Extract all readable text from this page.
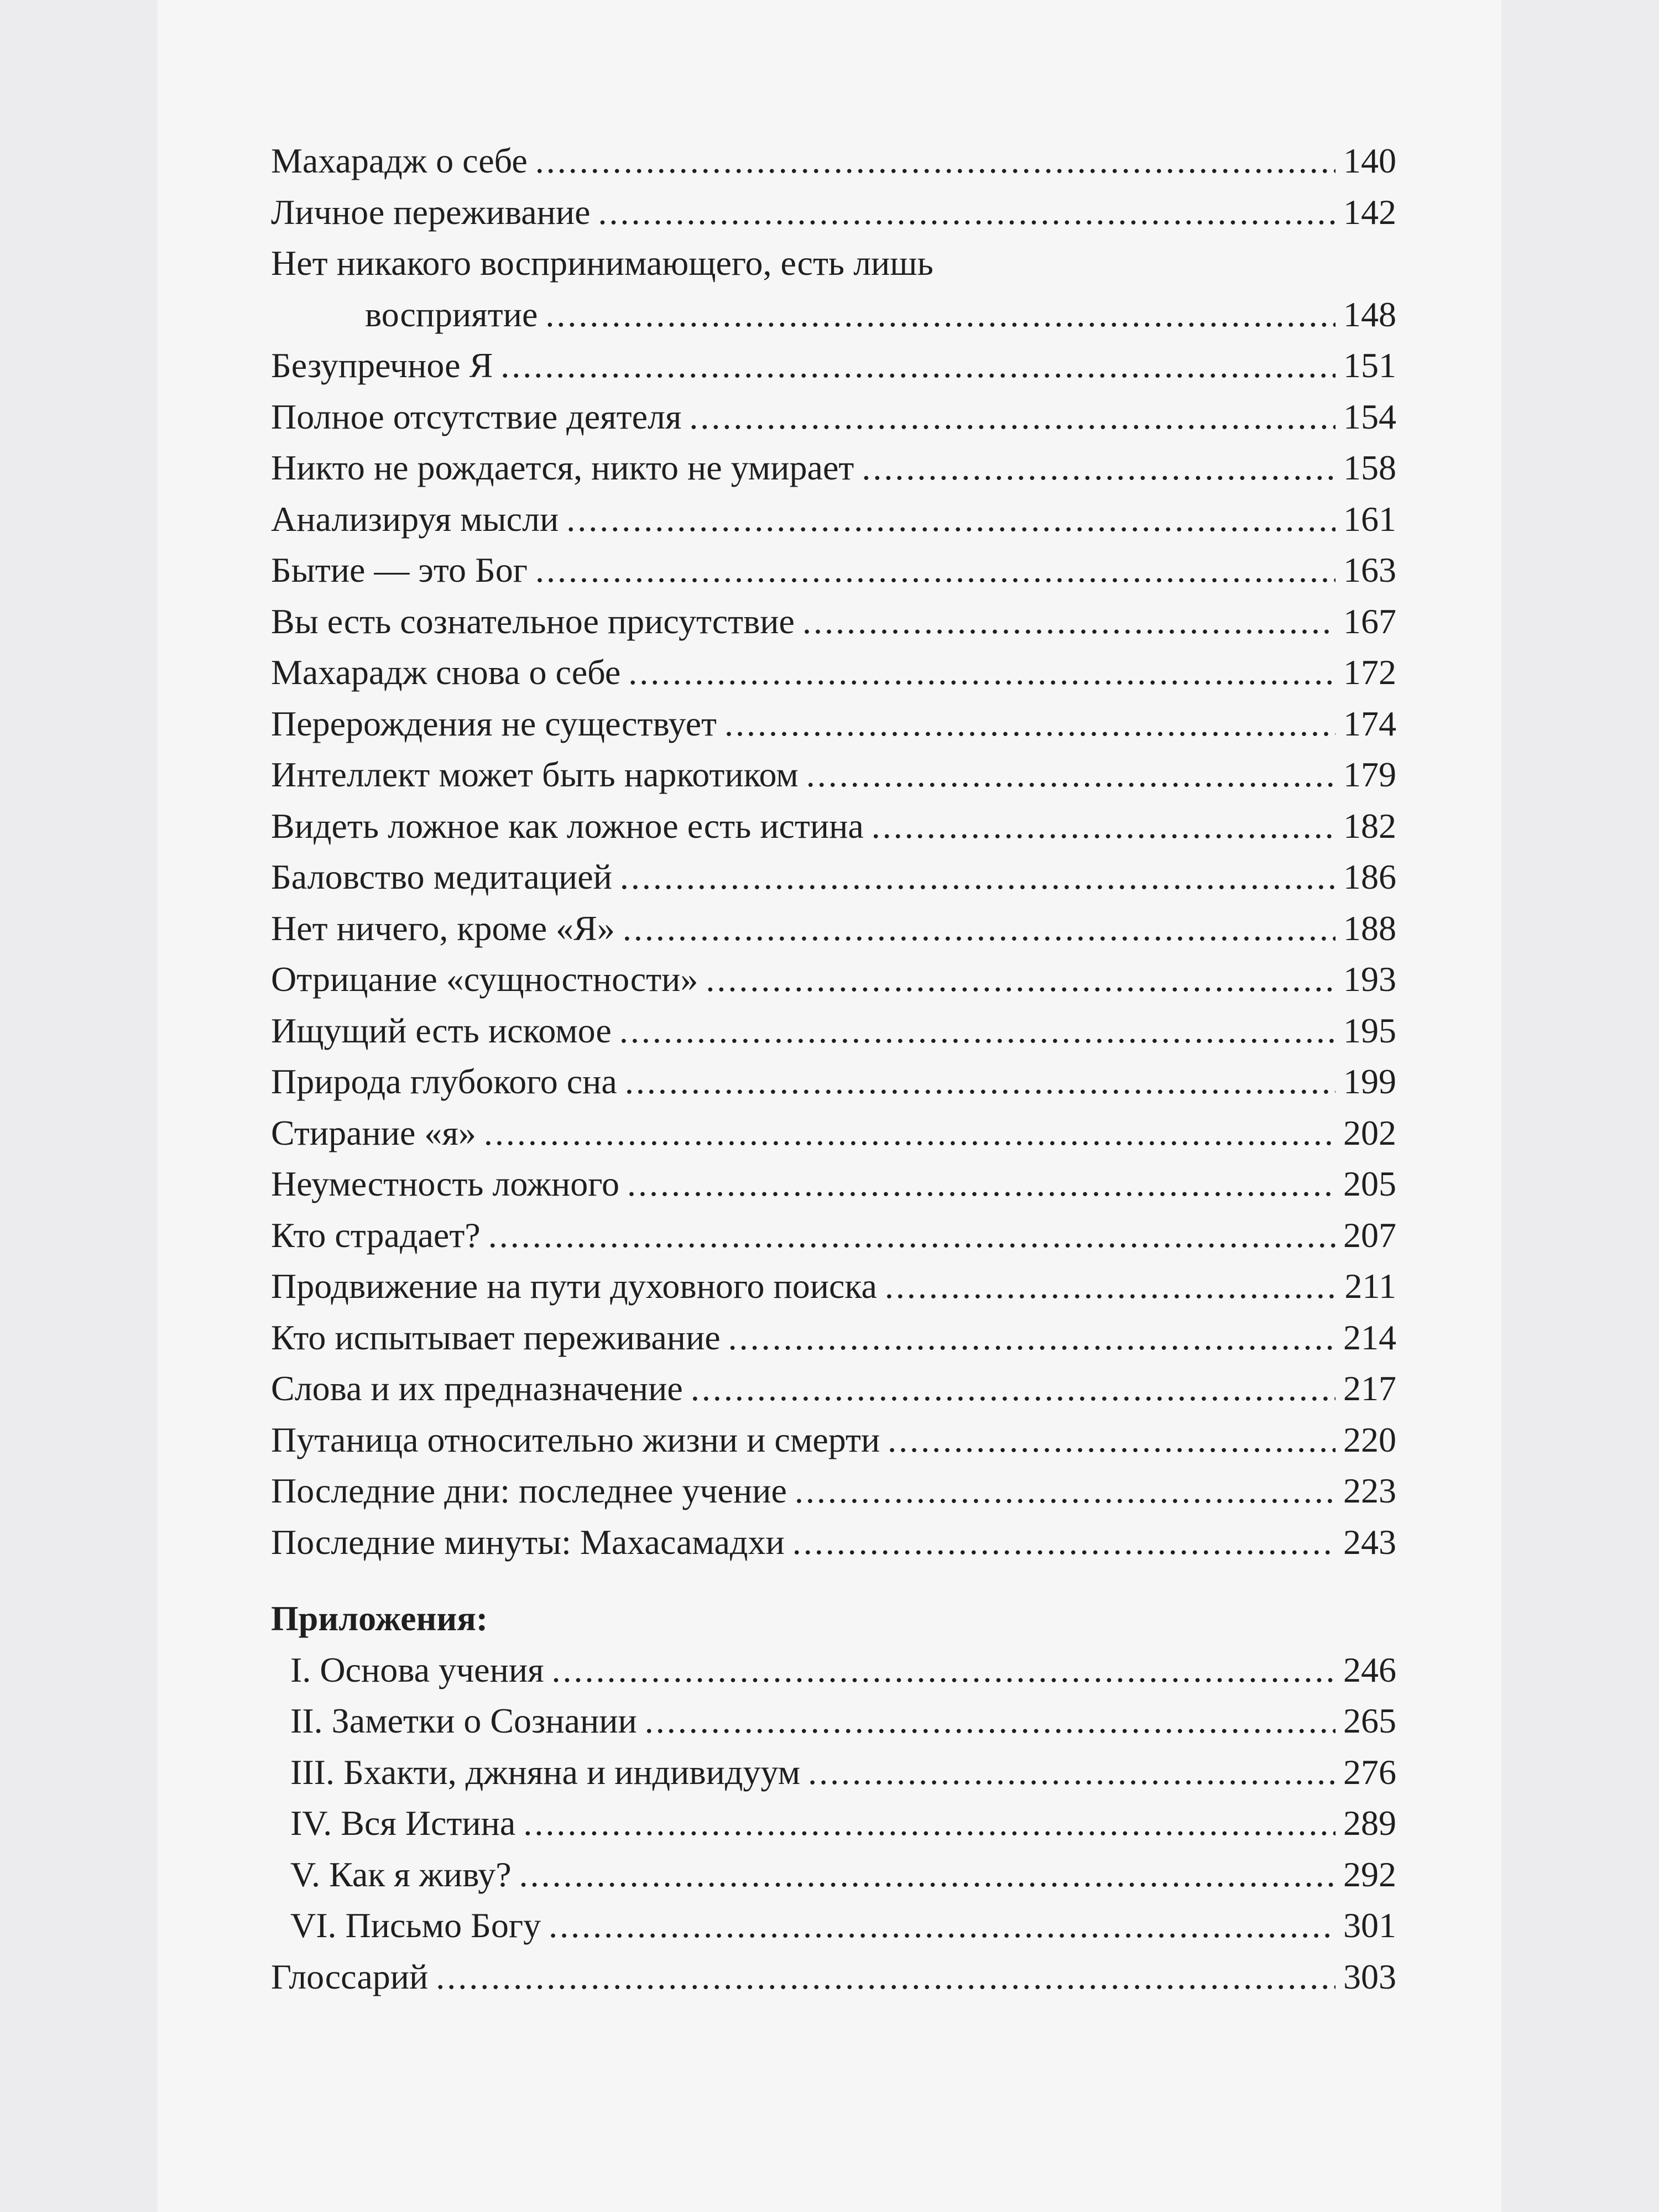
Махарадж о себе .....	140
Личное переживание .....	142
Нет никакого воспринимающего, есть лишь
восприятие .....	148
Безупречное Я .....	151
Полное отсутствие деятеля .....	154
Никто не рождается, никто не умирает .....	158
Анализируя мысли .....	161
Бытие — это Бог .....	163
Вы есть сознательное присутствие .....	167
Махарадж снова о себе .....	172
Перерождения не существует .....	174
Интеллект может быть наркотиком .....	179
Видеть ложное как ложное есть истина .....	182
Баловство медитацией .....	186
Нет ничего, кроме «Я» .....	188
Отрицание «сущностности» .....	193
Ищущий есть искомое .....	195
Природа глубокого сна .....	199
Стирание «я» .....	202
Неуместность ложного .....	205
Кто страдает? .....	207
Продвижение на пути духовного поиска .....	211
Кто испытывает переживание .....	214
Слова и их предназначение .....	217
Путаница относительно жизни и смерти .....	220
Последние дни: последнее учение .....	223
Последние минуты: Махасамадхи .....	243
Приложения:
I. Основа учения .....	246
II. Заметки о Сознании .....	265
III. Бхакти, джняна и индивидуум .....	276
IV. Вся Истина .....	289
V. Как я живу? .....	292
VI. Письмо Богу .....	301
Глоссарий .....	303
